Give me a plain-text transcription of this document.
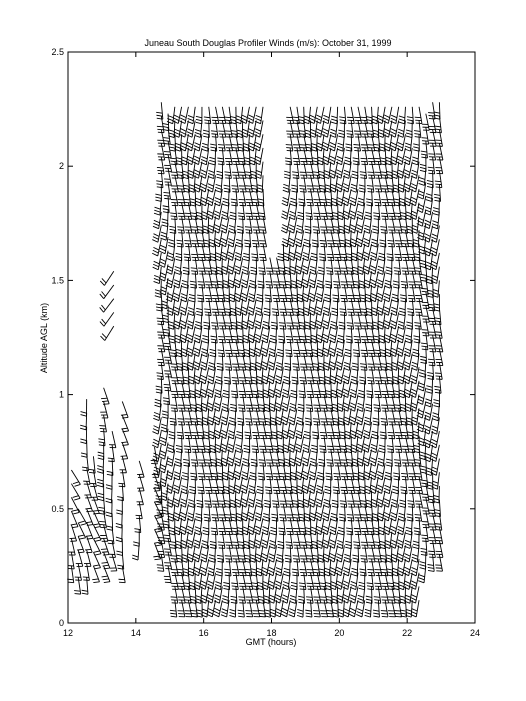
Juneau South Douglas Profiler Winds (m/s): October 31, 1999
12	14	16	18	20	22	24
0
0.5
1
1.5
2
2.5
GMT (hours)
Altitude AGL (km)
